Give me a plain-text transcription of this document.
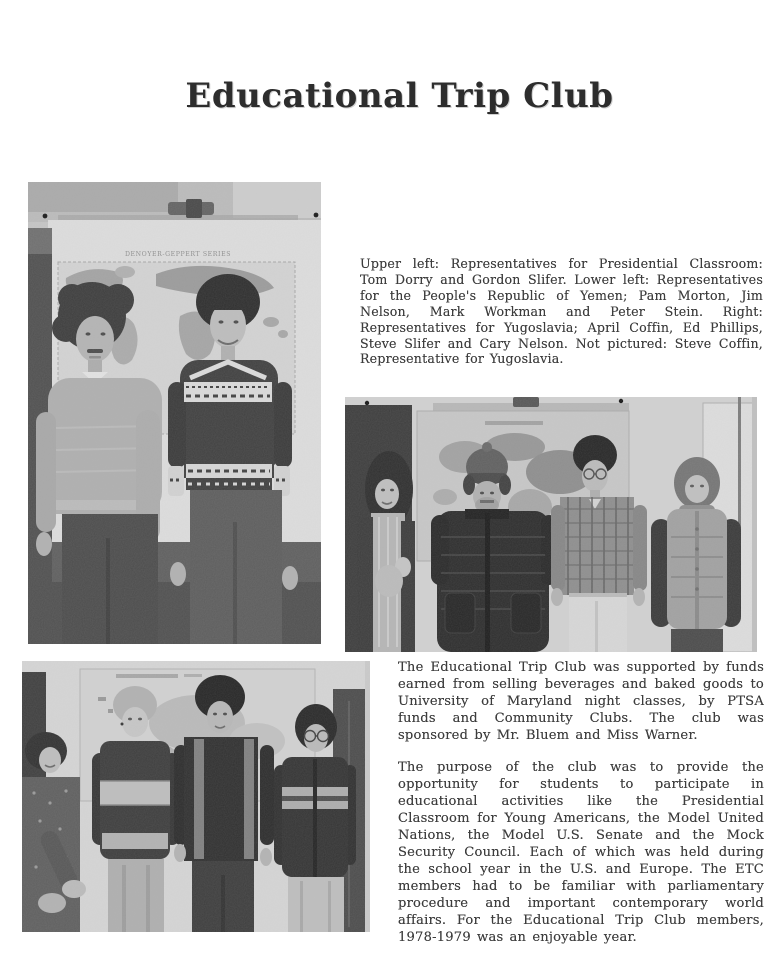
Educational Trip Club
DENOYER-GEPPERT SERIES

Upper left: Representatives for Presidential Classroom: Tom Dorry and Gordon Slifer. Lower left: Representatives for the People's Republic of Yemen; Pam Morton, Jim Nelson, Mark Workman and Peter Stein. Right: Representatives for Yugoslavia; April Coffin, Ed Phillips, Steve Slifer and Cary Nelson. Not pictured: Steve Coffin, Representative for Yugoslavia.

The Educational Trip Club was supported by funds earned from selling beverages and baked goods to University of Maryland night classes, by PTSA funds and Community Clubs. The club was sponsored by Mr. Bluem and Miss Warner.

The purpose of the club was to provide the opportunity for students to participate in educational activities like the Presidential Classroom for Young Americans, the Model United Nations, the Model U.S. Senate and the Mock Security Council. Each of which was held during the school year in the U.S. and Europe. The ETC members had to be familiar with parliamentary procedure and important contemporary world affairs. For the Educational Trip Club members, 1978-1979 was an enjoyable year.
